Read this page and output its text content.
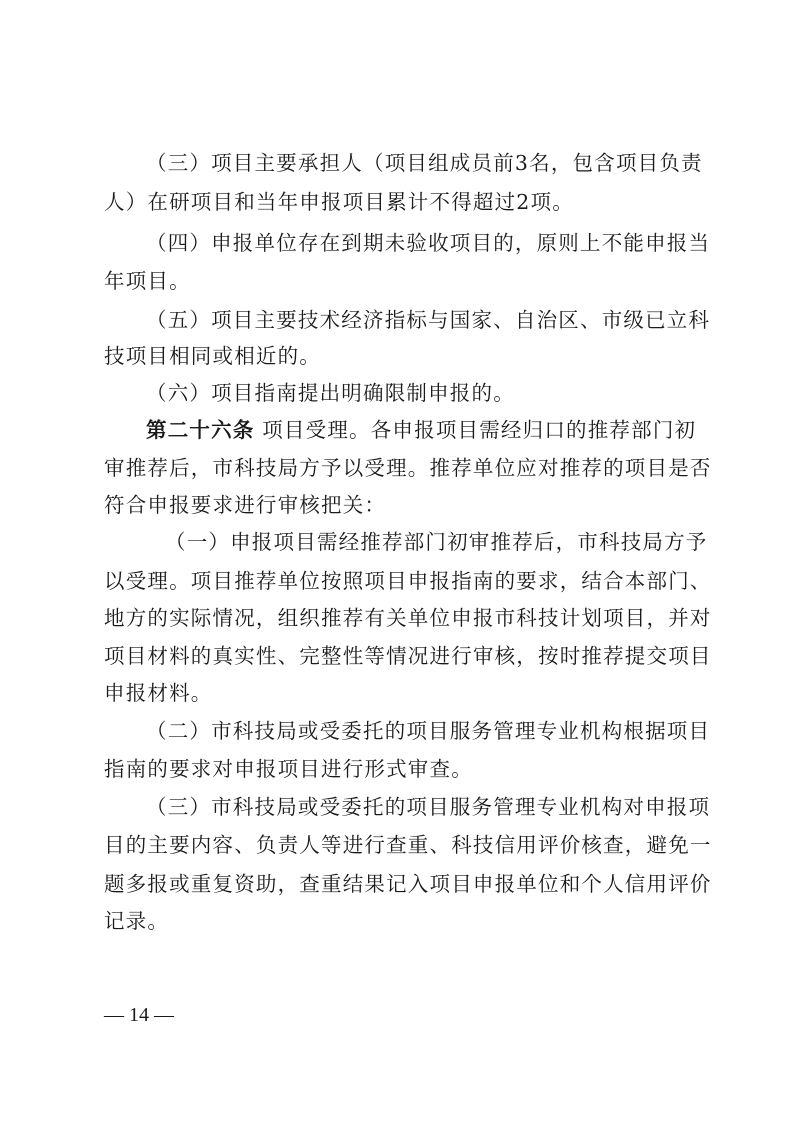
（三）项目主要承担人（项目组成员前3名，包含项目负责
人）在研项目和当年申报项目累计不得超过2项。
（四）申报单位存在到期未验收项目的，原则上不能申报当
年项目。
（五）项目主要技术经济指标与国家、自治区、市级已立科
技项目相同或相近的。
（六）项目指南提出明确限制申报的。
第二十六条 项目受理。各申报项目需经归口的推荐部门初
审推荐后，市科技局方予以受理。推荐单位应对推荐的项目是否
符合申报要求进行审核把关：
（一）申报项目需经推荐部门初审推荐后，市科技局方予
以受理。项目推荐单位按照项目申报指南的要求，结合本部门、
地方的实际情况，组织推荐有关单位申报市科技计划项目，并对
项目材料的真实性、完整性等情况进行审核，按时推荐提交项目
申报材料。
（二）市科技局或受委托的项目服务管理专业机构根据项目
指南的要求对申报项目进行形式审查。
（三）市科技局或受委托的项目服务管理专业机构对申报项
目的主要内容、负责人等进行查重、科技信用评价核查，避免一
题多报或重复资助，查重结果记入项目申报单位和个人信用评价
记录。
— 14 —
